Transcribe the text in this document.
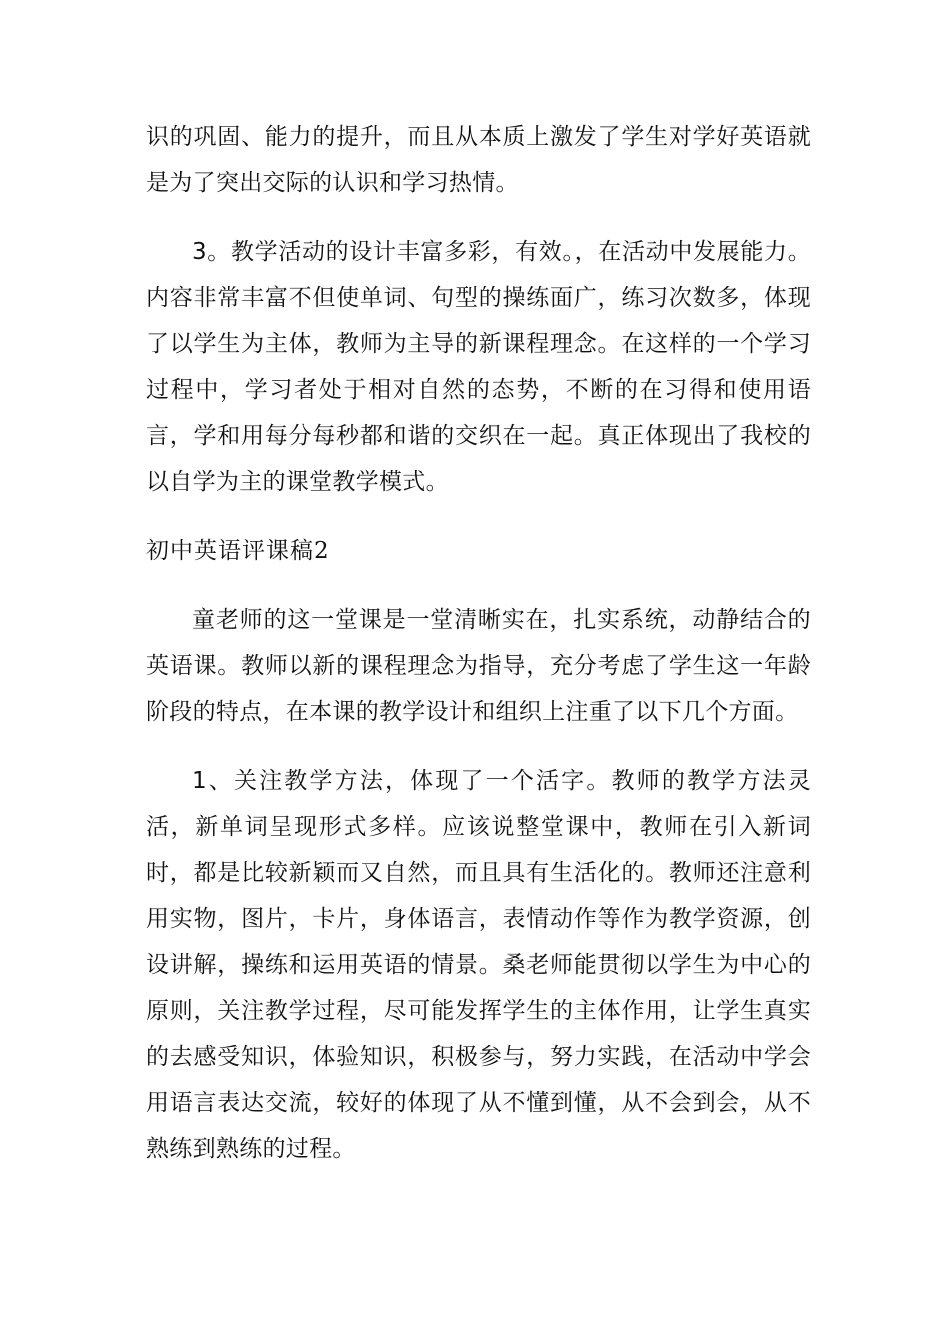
识的巩固、能力的提升，而且从本质上激发了学生对学好英语就是为了突出交际的认识和学习热情。

3。教学活动的设计丰富多彩，有效。，在活动中发展能力。内容非常丰富不但使单词、句型的操练面广，练习次数多，体现了以学生为主体，教师为主导的新课程理念。在这样的一个学习过程中，学习者处于相对自然的态势，不断的在习得和使用语言，学和用每分每秒都和谐的交织在一起。真正体现出了我校的以自学为主的课堂教学模式。

初中英语评课稿2

童老师的这一堂课是一堂清晰实在，扎实系统，动静结合的英语课。教师以新的课程理念为指导，充分考虑了学生这一年龄阶段的特点，在本课的教学设计和组织上注重了以下几个方面。

1、关注教学方法，体现了一个活字。教师的教学方法灵活，新单词呈现形式多样。应该说整堂课中，教师在引入新词时，都是比较新颖而又自然，而且具有生活化的。教师还注意利用实物，图片，卡片，身体语言，表情动作等作为教学资源，创设讲解，操练和运用英语的情景。桑老师能贯彻以学生为中心的原则，关注教学过程，尽可能发挥学生的主体作用，让学生真实的去感受知识，体验知识，积极参与，努力实践，在活动中学会用语言表达交流，较好的体现了从不懂到懂，从不会到会，从不熟练到熟练的过程。
